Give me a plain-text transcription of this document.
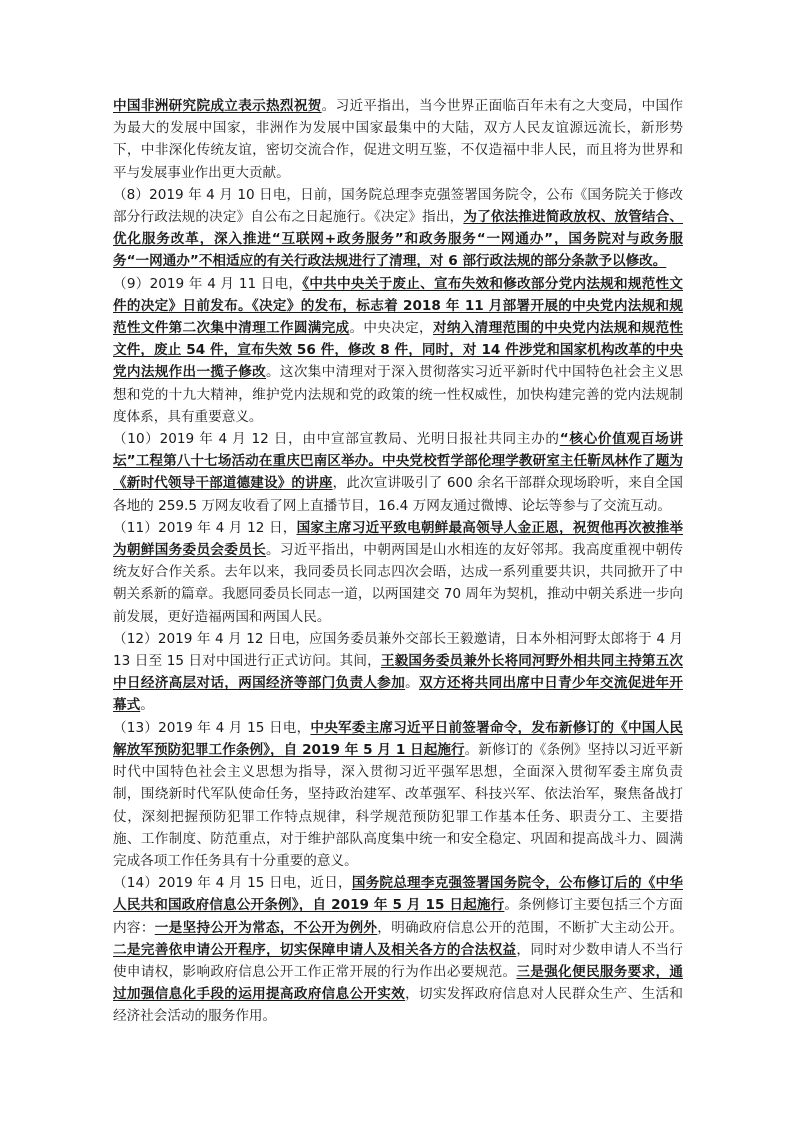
中国非洲研究院成立表示热烈祝贺。习近平指出，当今世界正面临百年未有之大变局，中国作为最大的发展中国家，非洲作为发展中国家最集中的大陆，双方人民友谊源远流长，新形势下，中非深化传统友谊，密切交流合作，促进文明互鉴，不仅造福中非人民，而且将为世界和平与发展事业作出更大贡献。

（8）2019 年 4 月 10 日电，日前，国务院总理李克强签署国务院令，公布《国务院关于修改部分行政法规的决定》自公布之日起施行。《决定》指出，为了依法推进简政放权、放管结合、优化服务改革，深入推进“互联网+政务服务”和政务服务“一网通办”，国务院对与政务服务“一网通办”不相适应的有关行政法规进行了清理，对 6 部行政法规的部分条款予以修改。

（9）2019 年 4 月 11 日电，《中共中央关于废止、宣布失效和修改部分党内法规和规范性文件的决定》日前发布。《决定》的发布，标志着 2018 年 11 月部署开展的中央党内法规和规范性文件第二次集中清理工作圆满完成。中央决定，对纳入清理范围的中央党内法规和规范性文件，废止 54 件，宣布失效 56 件，修改 8 件，同时，对 14 件涉党和国家机构改革的中央党内法规作出一揽子修改。这次集中清理对于深入贯彻落实习近平新时代中国特色社会主义思想和党的十九大精神，维护党内法规和党的政策的统一性权威性，加快构建完善的党内法规制度体系，具有重要意义。

（10）2019 年 4 月 12 日，由中宣部宣教局、光明日报社共同主办的“核心价值观百场讲坛”工程第八十七场活动在重庆巴南区举办。中央党校哲学部伦理学教研室主任靳凤林作了题为《新时代领导干部道德建设》的讲座，此次宣讲吸引了 600 余名干部群众现场聆听，来自全国各地的 259.5 万网友收看了网上直播节目，16.4 万网友通过微博、论坛等参与了交流互动。

（11）2019 年 4 月 12 日，国家主席习近平致电朝鲜最高领导人金正恩，祝贺他再次被推举为朝鲜国务委员会委员长。习近平指出，中朝两国是山水相连的友好邻邦。我高度重视中朝传统友好合作关系。去年以来，我同委员长同志四次会晤，达成一系列重要共识，共同掀开了中朝关系新的篇章。我愿同委员长同志一道，以两国建交 70 周年为契机，推动中朝关系进一步向前发展，更好造福两国和两国人民。

（12）2019 年 4 月 12 日电，应国务委员兼外交部长王毅邀请，日本外相河野太郎将于 4 月 13 日至 15 日对中国进行正式访问。其间，王毅国务委员兼外长将同河野外相共同主持第五次中日经济高层对话，两国经济等部门负责人参加。双方还将共同出席中日青少年交流促进年开幕式。

（13）2019 年 4 月 15 日电，中央军委主席习近平日前签署命令，发布新修订的《中国人民解放军预防犯罪工作条例》，自 2019 年 5 月 1 日起施行。新修订的《条例》坚持以习近平新时代中国特色社会主义思想为指导，深入贯彻习近平强军思想，全面深入贯彻军委主席负责制，围绕新时代军队使命任务，坚持政治建军、改革强军、科技兴军、依法治军，聚焦备战打仗，深刻把握预防犯罪工作特点规律，科学规范预防犯罪工作基本任务、职责分工、主要措施、工作制度、防范重点，对于维护部队高度集中统一和安全稳定、巩固和提高战斗力、圆满完成各项工作任务具有十分重要的意义。

（14）2019 年 4 月 15 日电，近日，国务院总理李克强签署国务院令，公布修订后的《中华人民共和国政府信息公开条例》，自 2019 年 5 月 15 日起施行。条例修订主要包括三个方面内容：一是坚持公开为常态，不公开为例外，明确政府信息公开的范围，不断扩大主动公开。二是完善依申请公开程序，切实保障申请人及相关各方的合法权益，同时对少数申请人不当行使申请权，影响政府信息公开工作正常开展的行为作出必要规范。三是强化便民服务要求，通过加强信息化手段的运用提高政府信息公开实效，切实发挥政府信息对人民群众生产、生活和经济社会活动的服务作用。
